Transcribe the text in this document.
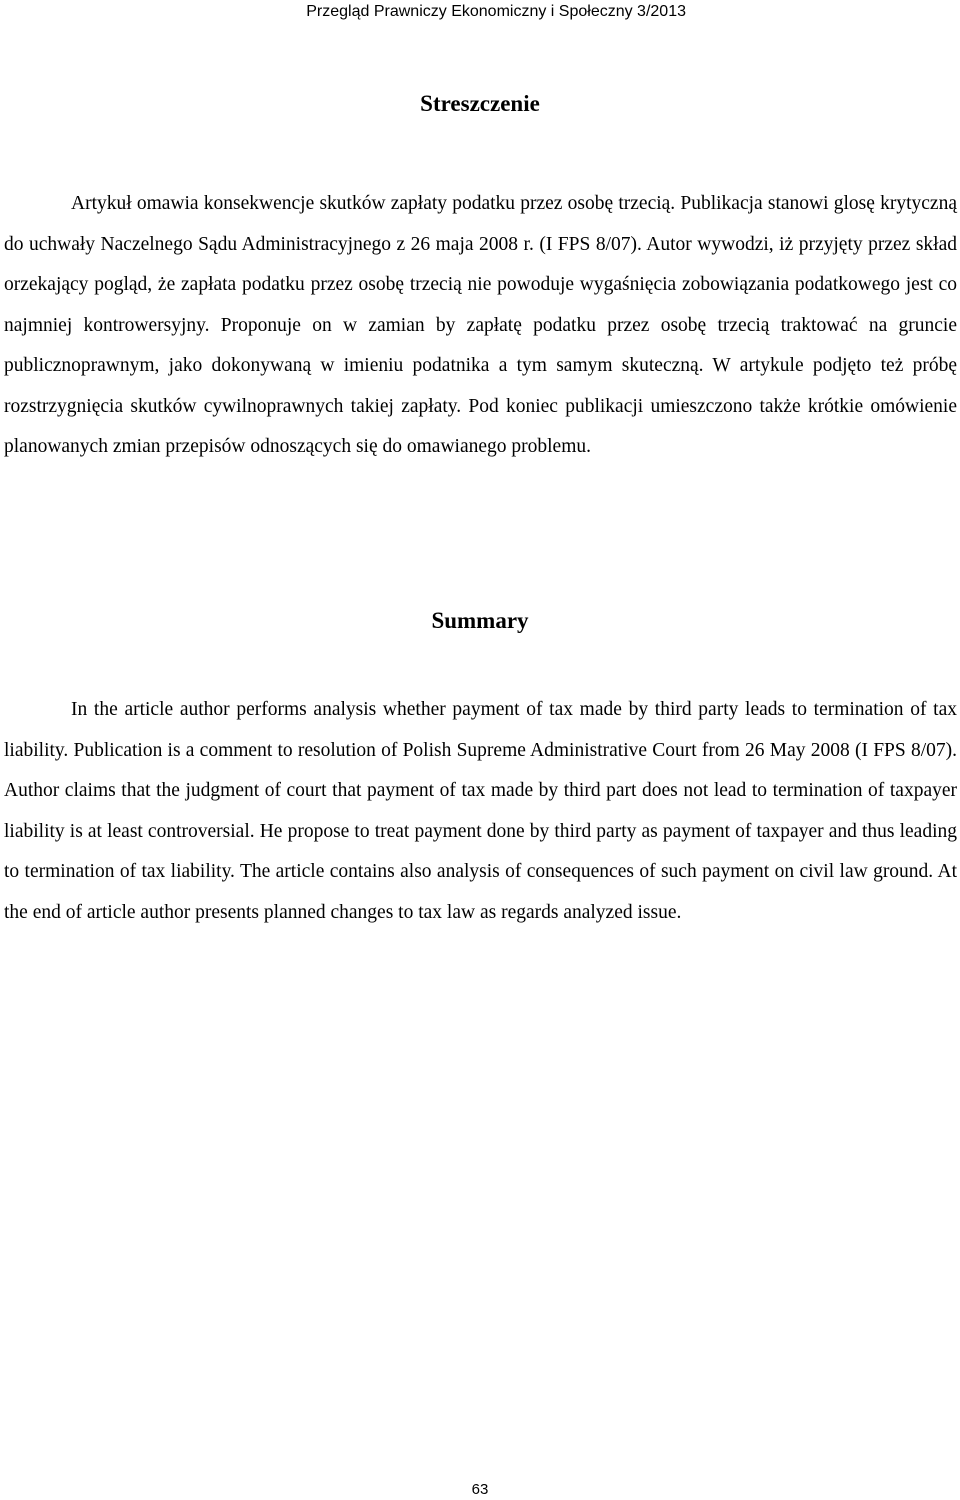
Przegląd Prawniczy Ekonomiczny i Społeczny 3/2013
Streszczenie

Artykuł omawia konsekwencje skutków zapłaty podatku przez osobę trzecią. Publikacja stanowi glosę krytyczną do uchwały Naczelnego Sądu Administracyjnego z 26 maja 2008 r. (I FPS 8/07). Autor wywodzi, iż przyjęty przez skład orzekający pogląd, że zapłata podatku przez osobę trzecią nie powoduje wygaśnięcia zobowiązania podatkowego jest co najmniej kontrowersyjny. Proponuje on w zamian by zapłatę podatku przez osobę trzecią traktować na gruncie publicznoprawnym, jako dokonywaną w imieniu podatnika a tym samym skuteczną. W artykule podjęto też próbę rozstrzygnięcia skutków cywilnoprawnych takiej zapłaty. Pod koniec publikacji umieszczono także krótkie omówienie planowanych zmian przepisów odnoszących się do omawianego problemu.

Summary

In the article author performs analysis whether payment of tax made by third party leads to termination of tax liability. Publication is a comment to resolution of Polish Supreme Administrative Court from 26 May 2008 (I FPS 8/07). Author claims that the judgment of court that payment of tax made by third part does not lead to termination of taxpayer liability is at least controversial. He propose to treat payment done by third party as payment of taxpayer and thus leading to termination of tax liability. The article contains also analysis of consequences of such payment on civil law ground. At the end of article author presents planned changes to tax law as regards analyzed issue.

63
